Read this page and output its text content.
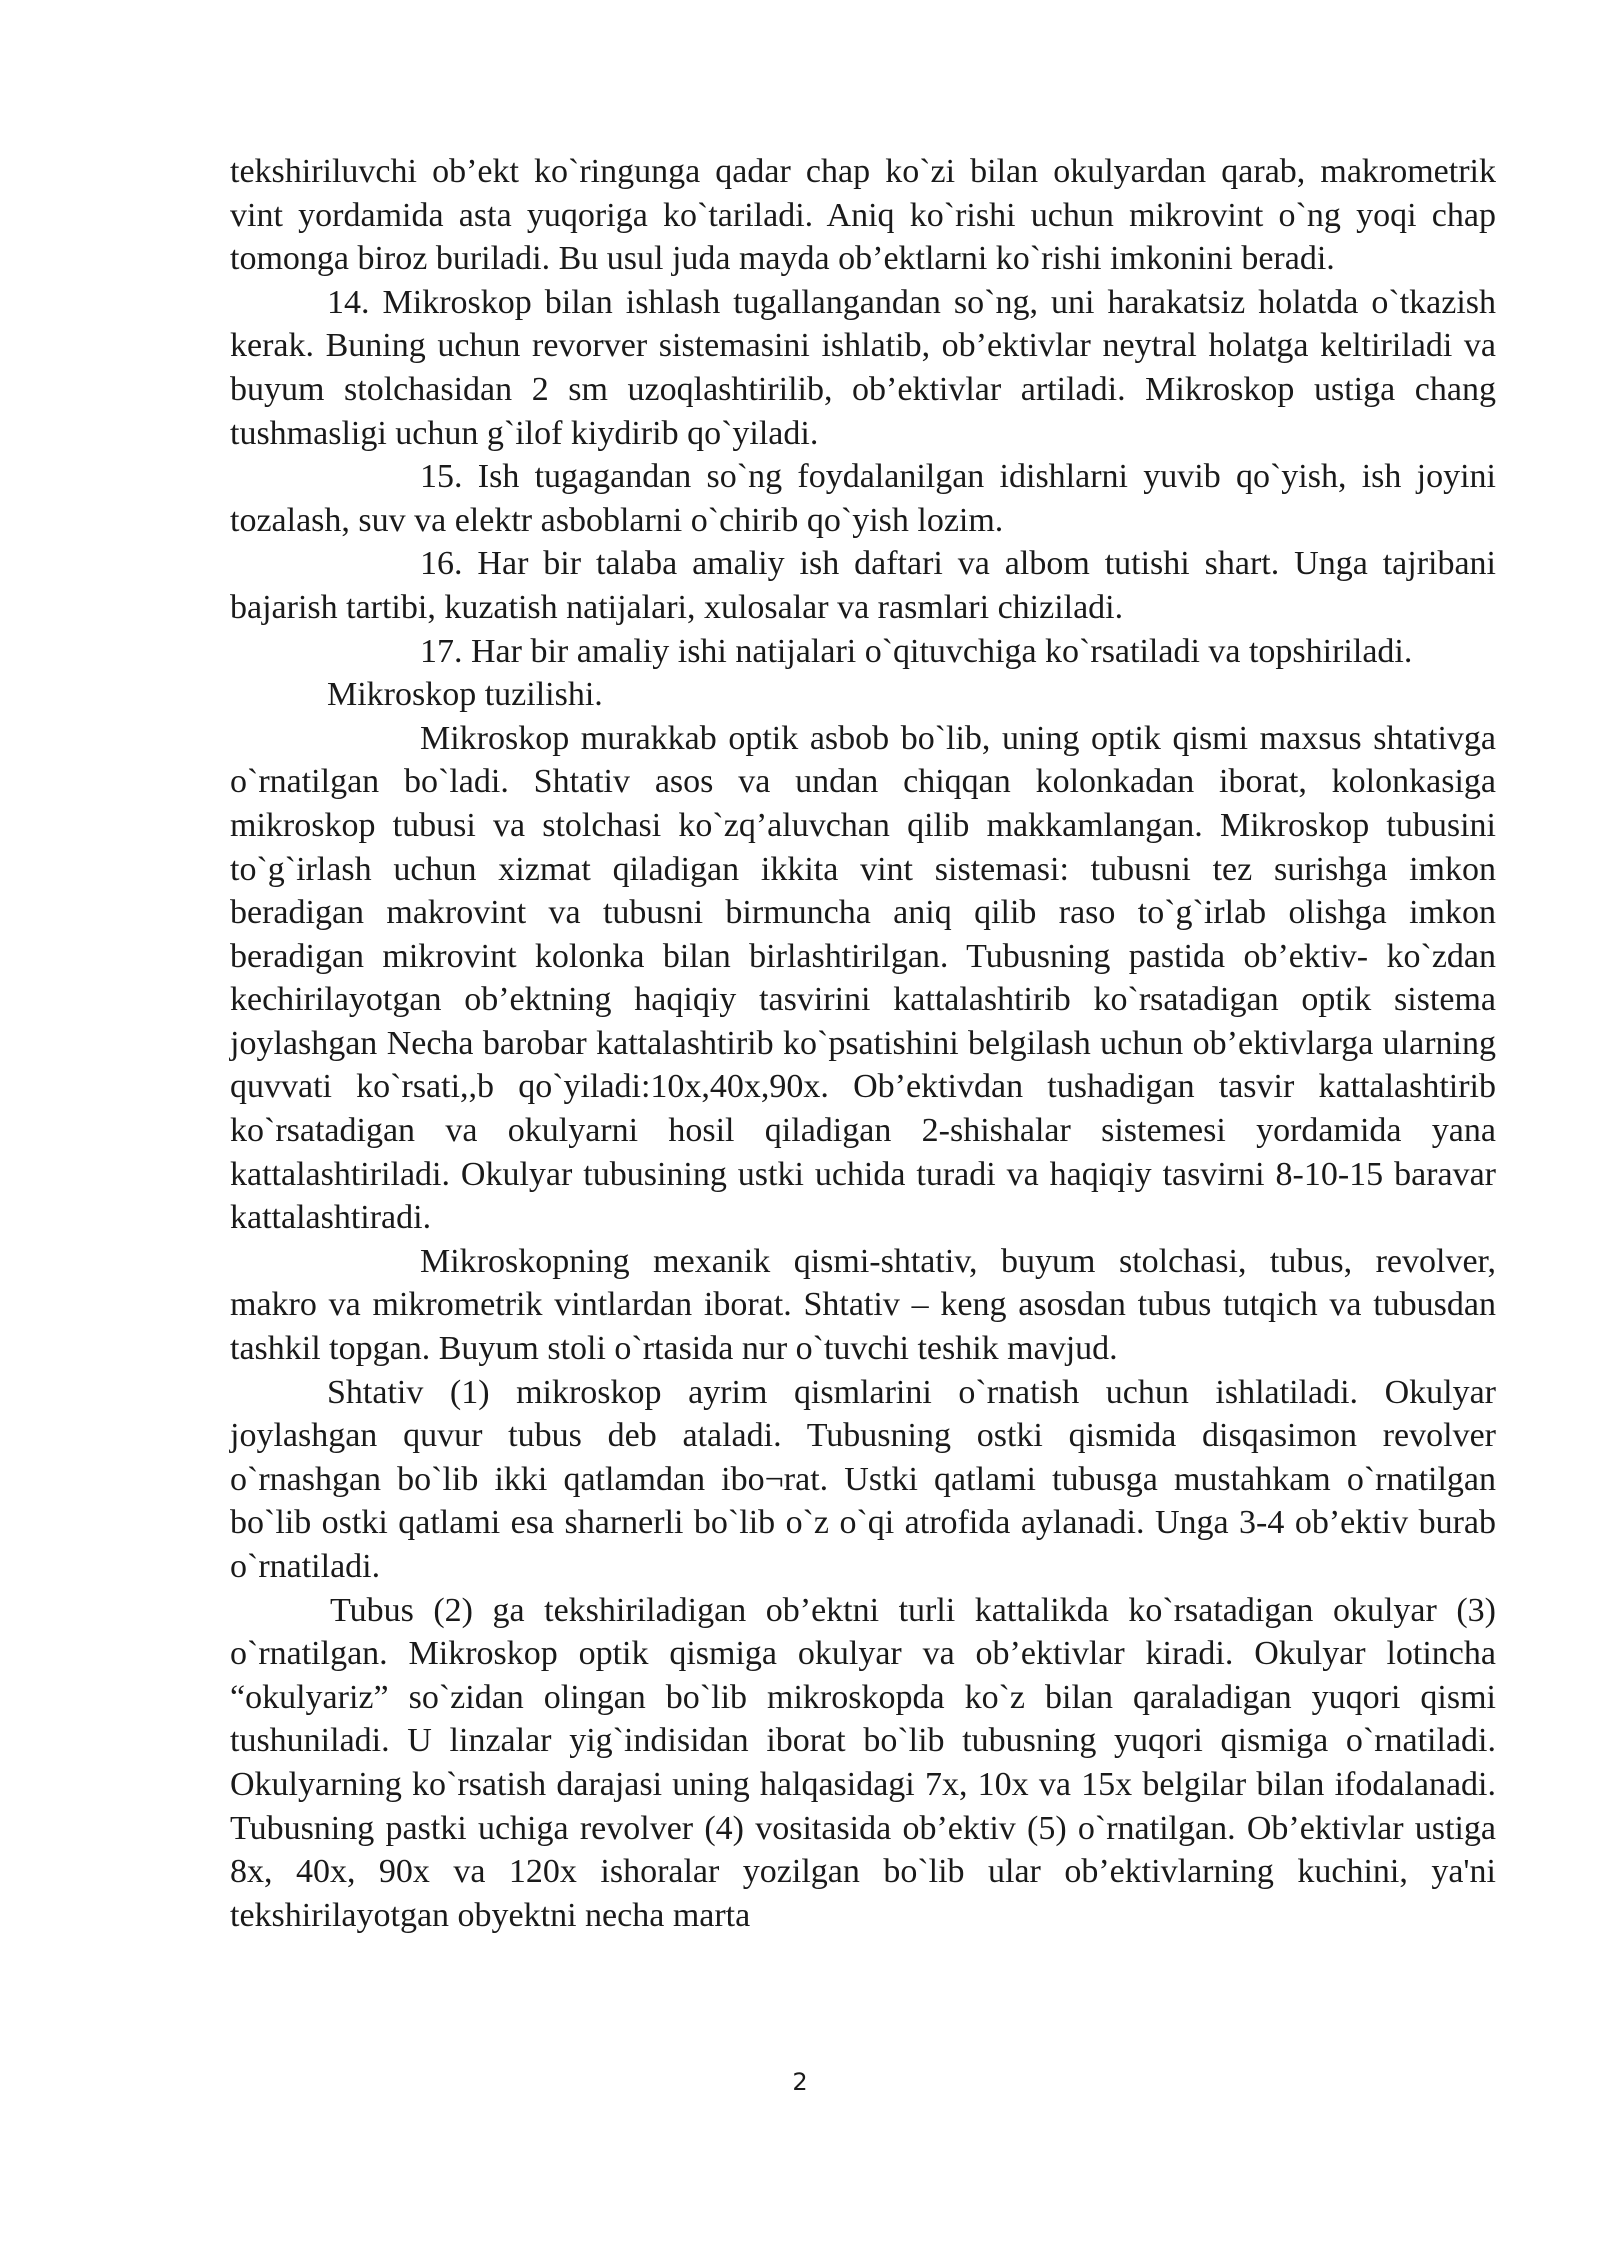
tekshiriluvchi ob’ekt ko`ringunga qadar chap ko`zi bilan okulyardan qarab, makrometrik vint yordamida asta yuqoriga ko`tariladi. Aniq ko`rishi uchun mikrovint o`ng yoqi chap tomonga biroz buriladi. Bu usul juda mayda ob’ektlarni ko`rishi imkonini beradi.

14. Mikroskop bilan ishlash tugallangandan so`ng, uni harakatsiz holatda o`tkazish kerak. Buning uchun revorver sistemasini ishlatib, ob’ektivlar neytral holatga keltiriladi va buyum stolchasidan 2 sm uzoqlashtirilib, ob’ektivlar artiladi. Mikroskop ustiga chang tushmasligi uchun g`ilof kiydirib qo`yiladi.

15. Ish tugagandan so`ng foydalanilgan idishlarni yuvib qo`yish, ish joyini tozalash, suv va elektr asboblarni o`chirib qo`yish lozim.

16. Har bir talaba amaliy ish daftari va albom tutishi shart. Unga tajribani bajarish tartibi, kuzatish natijalari, xulosalar va rasmlari chiziladi.

17. Har bir amaliy ishi natijalari o`qituvchiga ko`rsatiladi va topshiriladi.

Mikroskop tuzilishi.

Mikroskop murakkab optik asbob bo`lib, uning optik qismi maxsus shtativga o`rnatilgan bo`ladi. Shtativ asos va undan chiqqan kolonkadan iborat, kolonkasiga mikroskop tubusi va stolchasi ko`zq’aluvchan qilib makkamlangan. Mikroskop tubusini to`g`irlash uchun xizmat qiladigan ikkita vint sistemasi: tubusni tez surishga imkon beradigan makrovint va tubusni birmuncha aniq qilib raso to`g`irlab olishga imkon beradigan mikrovint kolonka bilan birlashtirilgan. Tubusning pastida ob’ektiv- ko`zdan kechirilayotgan ob’ektning haqiqiy tasvirini kattalashtirib ko`rsatadigan optik sistema joylashgan Necha barobar kattalashtirib ko`psatishini belgilash uchun ob’ektivlarga ularning quvvati ko`rsati,,b qo`yiladi:10x,40x,90x. Ob’ektivdan tushadigan tasvir kattalashtirib ko`rsatadigan va okulyarni hosil qiladigan 2-shishalar sistemesi yordamida yana kattalashtiriladi. Okulyar tubusining ustki uchida turadi va haqiqiy tasvirni 8-10-15 baravar kattalashtiradi.

Mikroskopning mexanik qismi-shtativ, buyum stolchasi, tubus, revolver, makro va mikrometrik vintlardan iborat. Shtativ – keng asosdan tubus tutqich va tubusdan tashkil topgan. Buyum stoli o`rtasida nur o`tuvchi teshik mavjud.

Shtativ (1) mikroskop ayrim qismlarini o`rnatish uchun ishlatiladi. Okulyar joylashgan quvur tubus deb ataladi. Tubusning ostki qismida disqasimon revolver o`rnashgan bo`lib ikki qatlamdan ibo¬rat. Ustki qatlami tubusga mustahkam o`rnatilgan bo`lib ostki qatlami esa sharnerli bo`lib o`z o`qi atrofida aylanadi. Unga 3-4 ob’ektiv burab o`rnatiladi.

Tubus (2) ga tekshiriladigan ob’ektni turli kattalikda ko`rsatadigan okulyar (3) o`rnatilgan. Mikroskop optik qismiga okulyar va ob’ektivlar kiradi. Okulyar lotincha “okulyariz” so`zidan olingan bo`lib mikroskopda ko`z bilan qaraladigan yuqori qismi tushuniladi. U linzalar yig`indisidan iborat bo`lib tubusning yuqori qismiga o`rnatiladi. Okulyarning ko`rsatish darajasi uning halqasidagi 7x, 10x va 15x belgilar bilan ifodalanadi. Tubusning pastki uchiga revolver (4) vositasida ob’ektiv (5) o`rnatilgan. Ob’ektivlar ustiga 8x, 40x, 90x va 120x ishoralar yozilgan bo`lib ular ob’ektivlarning kuchini, ya'ni tekshirilayotgan obyektni necha marta

2
